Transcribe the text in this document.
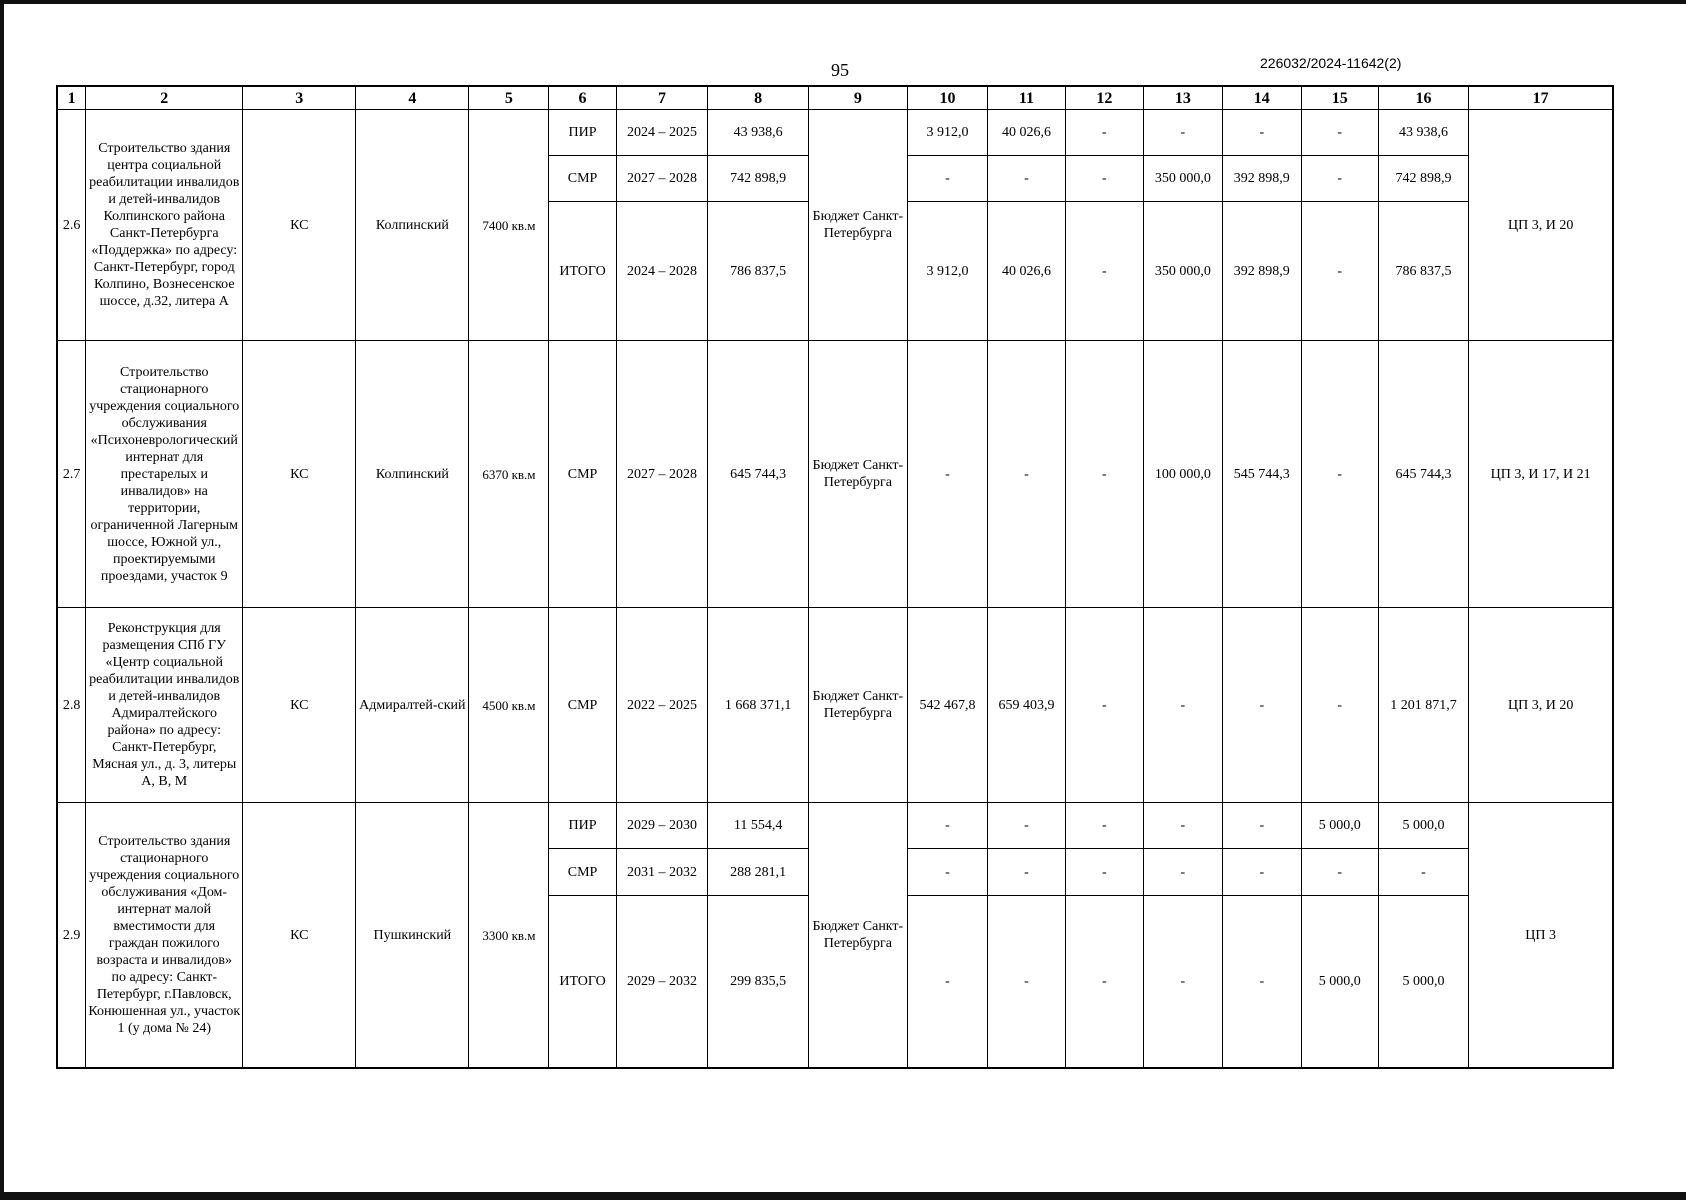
95	226032/2024-11642(2)
1	2	3	4	5	6	7	8	9	10	11	12	13	14	15	16	17
2.6	Строительство здания центра социальной реабилитации инвалидов и детей-инвалидов Колпинского района Санкт-Петербурга «Поддержка» по адресу: Санкт-Петербург, город Колпино, Вознесенское шоссе, д.32, литера А	КС	Колпинский	7400 кв.м	ПИР	2024 – 2025	43 938,6	Бюджет Санкт-Петербурга	3 912,0	40 026,6	-	-	-	-	43 938,6	ЦП 3, И 20
					СМР	2027 – 2028	742 898,9		-	-	-	350 000,0	392 898,9	-	742 898,9	
					ИТОГО	2024 – 2028	786 837,5		3 912,0	40 026,6	-	350 000,0	392 898,9	-	786 837,5	
2.7	Строительство стационарного учреждения социального обслуживания «Психоневрологический интернат для престарелых и инвалидов» на территории, ограниченной Лагерным шоссе, Южной ул., проектируемыми проездами, участок 9	КС	Колпинский	6370 кв.м	СМР	2027 – 2028	645 744,3	Бюджет Санкт-Петербурга	-	-	-	100 000,0	545 744,3	-	645 744,3	ЦП 3, И 17, И 21
2.8	Реконструкция для размещения СПб ГУ «Центр социальной реабилитации инвалидов и детей-инвалидов Адмиралтейского района» по адресу: Санкт-Петербург, Мясная ул., д. 3, литеры А, В, М	КС	Адмиралтей-ский	4500 кв.м	СМР	2022 – 2025	1 668 371,1	Бюджет Санкт-Петербурга	542 467,8	659 403,9	-	-	-	-	1 201 871,7	ЦП 3, И 20
2.9	Строительство здания стационарного учреждения социального обслуживания «Дом-интернат малой вместимости для граждан пожилого возраста и инвалидов» по адресу: Санкт-Петербург, г.Павловск, Конюшенная ул., участок 1 (у дома № 24)	КС	Пушкинский	3300 кв.м	ПИР	2029 – 2030	11 554,4	Бюджет Санкт-Петербурга	-	-	-	-	-	5 000,0	5 000,0	ЦП 3
					СМР	2031 – 2032	288 281,1		-	-	-	-	-	-	-	
					ИТОГО	2029 – 2032	299 835,5		-	-	-	-	-	5 000,0	5 000,0	
